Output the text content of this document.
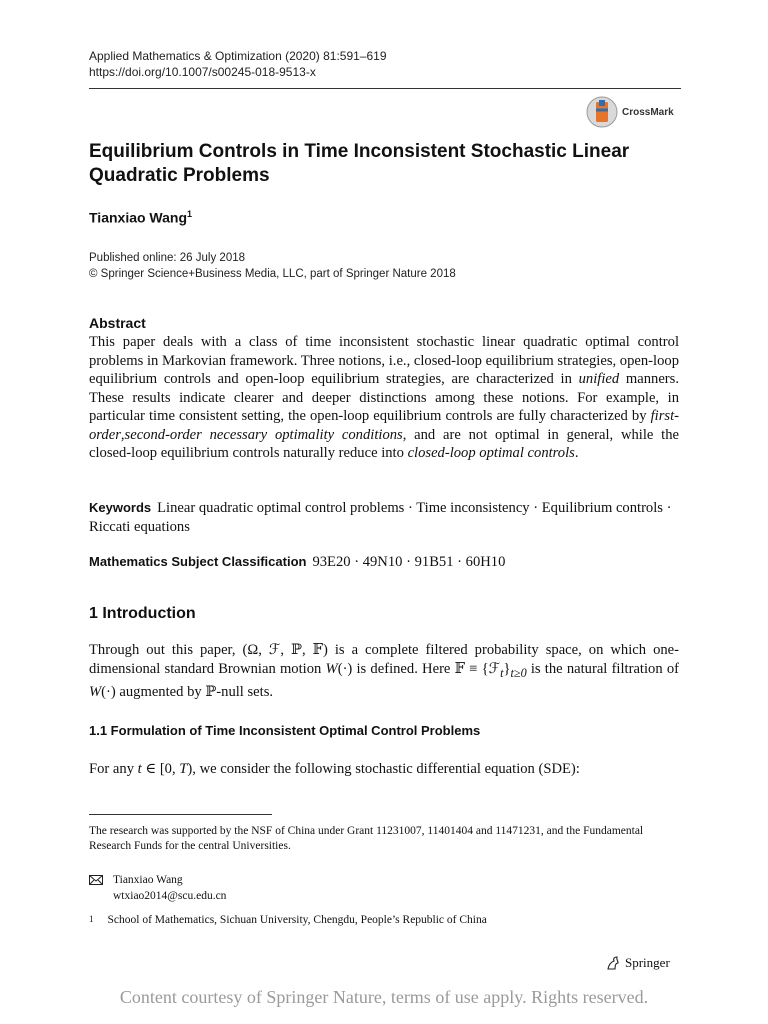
Applied Mathematics & Optimization (2020) 81:591–619
https://doi.org/10.1007/s00245-018-9513-x
CrossMark
Equilibrium Controls in Time Inconsistent Stochastic Linear Quadratic Problems
Tianxiao Wang$^1$
Published online: 26 July 2018
© Springer Science+Business Media, LLC, part of Springer Nature 2018
Abstract
This paper deals with a class of time inconsistent stochastic linear quadratic optimal control problems in Markovian framework. Three notions, i.e., closed-loop equilibrium strategies, open-loop equilibrium controls and open-loop equilibrium strategies, are characterized in unified manners. These results indicate clearer and deeper distinctions among these notions. For example, in particular time consistent setting, the open-loop equilibrium controls are fully characterized by first-order,second-order necessary optimality conditions, and are not optimal in general, while the closed-loop equilibrium controls naturally reduce into closed-loop optimal controls.
Keywords Linear quadratic optimal control problems · Time inconsistency · Equilibrium controls · Riccati equations
Mathematics Subject Classification 93E20 · 49N10 · 91B51 · 60H10
1 Introduction
Through out this paper, (Ω, ℱ, ℙ, 𝔽) is a complete filtered probability space, on which one-dimensional standard Brownian motion W(·) is defined. Here 𝔽 ≡ $\{ℱ_t\}_{t\ge 0}$ is the natural filtration of W(·) augmented by ℙ-null sets.
1.1 Formulation of Time Inconsistent Optimal Control Problems
For any t ∈ [0, T), we consider the following stochastic differential equation (SDE):
The research was supported by the NSF of China under Grant 11231007, 11401404 and 11471231, and the Fundamental Research Funds for the central Universities.
Tianxiao Wang
wtxiao2014@scu.edu.cn
1 School of Mathematics, Sichuan University, Chengdu, People’s Republic of China
Springer
Content courtesy of Springer Nature, terms of use apply. Rights reserved.
